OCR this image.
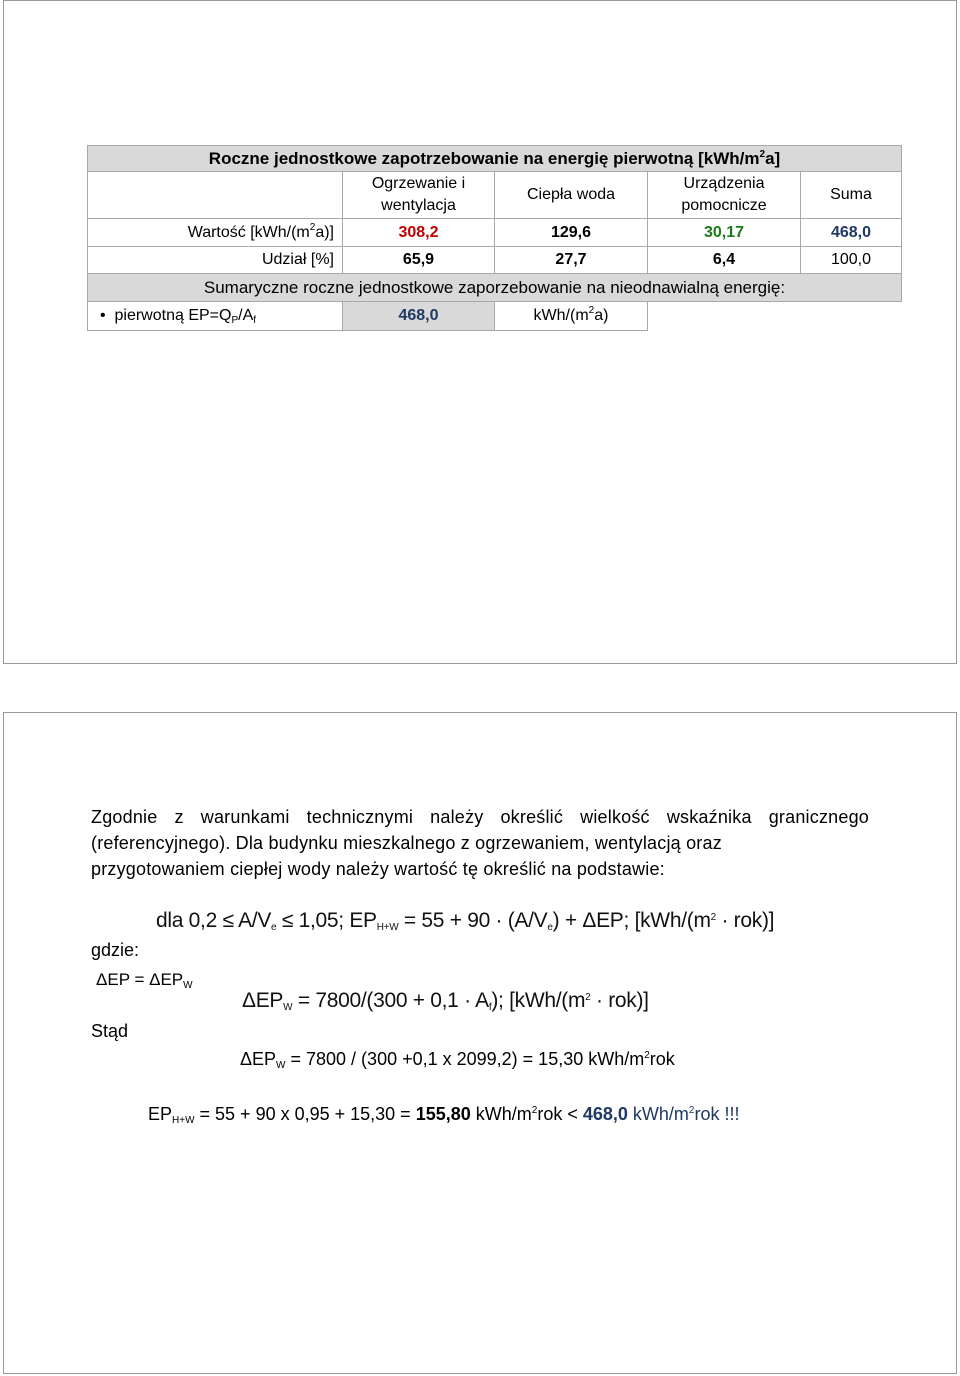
Roczne jednostkowe zapotrzebowanie na energię pierwotną $[kWh/m^2a]$				
	Ogrzewanie i wentylacja	Ciepła woda	Urządzenia pomocnicze	Suma
Wartość $[kWh/(m^2a)]$	308,2	129,6	30,17	468,0
Udział [%]	65,9	27,7	6,4	100,0
Sumaryczne roczne jednostkowe zaporzebowanie na nieodnawialną energię:				
•  pierwotną $EP=Q_P/A_f$	468,0	kWh/$(m^2a)$		
Zgodnie z warunkami technicznymi należy określić wielkość wskaźnika granicznego (referencyjnego). Dla budynku mieszkalnego z ogrzewaniem, wentylacją oraz
przygotowaniem ciepłej wody należy wartość tę określić na podstawie:
dla $0,2 \le A/V_e \le 1,05$; $EP_{H+W} = 55 + 90 \cdot (A/V_e) + \Delta EP$; $[kWh/(m^2 \cdot rok)]$
gdzie:
$\Delta EP = \Delta EP_W$
$\Delta EP_W = 7800/(300 + 0,1 \cdot A_f)$; $[kWh/(m^2 \cdot rok)]$
Stąd
$\Delta EP_W = 7800 / (300 +0,1$ x 2099,2) = 15,30 kWh/$m^2rok$
$EP_{H+W} = 55 + 90$ x 0,95 + 15,30 = 155,80 kWh/$m^2rok < 468,0$ kWh/$m^2rok$ !!!
